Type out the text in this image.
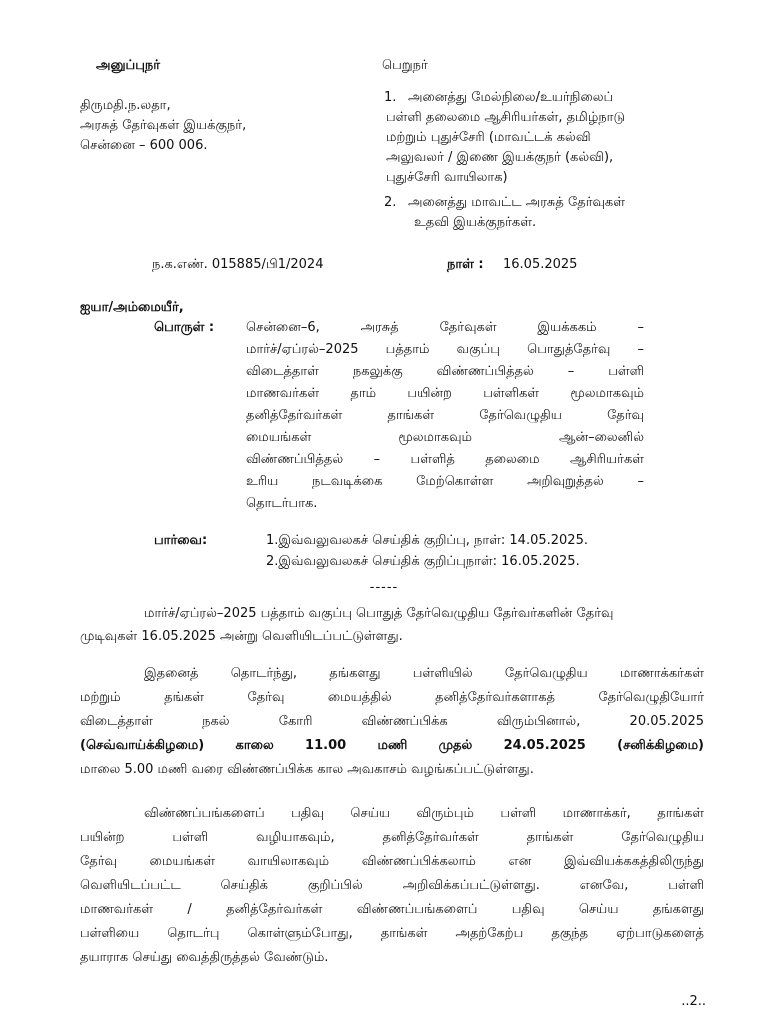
அனுப்புநர்
திருமதி.ந.லதா,
அரசுத் தேர்வுகள் இயக்குநர்,
சென்னை – 600 006.
பெறுநர்
1. அனைத்து மேல்நிலை/உயர்நிலைப்
பள்ளி தலைமை ஆசிரியர்கள், தமிழ்நாடு
மற்றும் புதுச்சேரி (மாவட்டக் கல்வி
அலுவலர் / இணை இயக்குநர் (கல்வி),
புதுச்சேரி வாயிலாக)
2. அனைத்து மாவட்ட அரசுத் தேர்வுகள்
உதவி இயக்குநர்கள்.
ந.க.எண். 015885/பி1/2024	நாள் : 16.05.2025
ஐயா/அம்மையீர்,
பொருள் : சென்னை–6, அரசுத் தேர்வுகள் இயக்ககம் –
மார்ச்/ஏப்ரல்–2025 பத்தாம் வகுப்பு பொதுத்தேர்வு –
விடைத்தாள் நகலுக்கு விண்ணப்பித்தல் – பள்ளி
மாணவர்கள் தாம் பயின்ற பள்ளிகள் மூலமாகவும்
தனித்தேர்வர்கள் தாங்கள் தேர்வெழுதிய தேர்வு
மையங்கள் மூலமாகவும் ஆன்–லைனில்
விண்ணப்பித்தல் – பள்ளித் தலைமை ஆசிரியர்கள்
உரிய நடவடிக்கை மேற்கொள்ள அறிவுறுத்தல் –
தொடர்பாக.
பார்வை:	1.இவ்வலுவலகச் செய்திக் குறிப்பு, நாள்: 14.05.2025.
2.இவ்வலுவலகச் செய்திக் குறிப்புநாள்: 16.05.2025.
-----
மார்ச்/ஏப்ரல்–2025 பத்தாம் வகுப்பு பொதுத் தேர்வெழுதிய தேர்வர்களின் தேர்வு
முடிவுகள் 16.05.2025 அன்று வெளியிடப்பட்டுள்ளது.
இதனைத் தொடர்ந்து, தங்களது பள்ளியில் தேர்வெழுதிய மாணாக்கர்கள்
மற்றும் தங்கள் தேர்வு மையத்தில் தனித்தேர்வர்களாகத் தேர்வெழுதியோர்
விடைத்தாள் நகல் கோரி விண்ணப்பிக்க விரும்பினால், 20.05.2025
(செவ்வாய்க்கிழமை) காலை 11.00 மணி முதல் 24.05.2025 (சனிக்கிழமை)
மாலை 5.00 மணி வரை விண்ணப்பிக்க கால அவகாசம் வழங்கப்பட்டுள்ளது.
விண்ணப்பங்களைப் பதிவு செய்ய விரும்பும் பள்ளி மாணாக்கர், தாங்கள்
பயின்ற பள்ளி வழியாகவும், தனித்தேர்வர்கள் தாங்கள் தேர்வெழுதிய
தேர்வு மையங்கள் வாயிலாகவும் விண்ணப்பிக்கலாம் என இவ்வியக்ககத்திலிருந்து
வெளியிடப்பட்ட செய்திக் குறிப்பில் அறிவிக்கப்பட்டுள்ளது. எனவே, பள்ளி
மாணவர்கள் / தனித்தேர்வர்கள் விண்ணப்பங்களைப் பதிவு செய்ய தங்களது
பள்ளியை தொடர்பு கொள்ளும்போது, தாங்கள் அதற்கேற்ப தகுந்த ஏற்பாடுகளைத்
தயாராக செய்து வைத்திருத்தல் வேண்டும்.
..2..
